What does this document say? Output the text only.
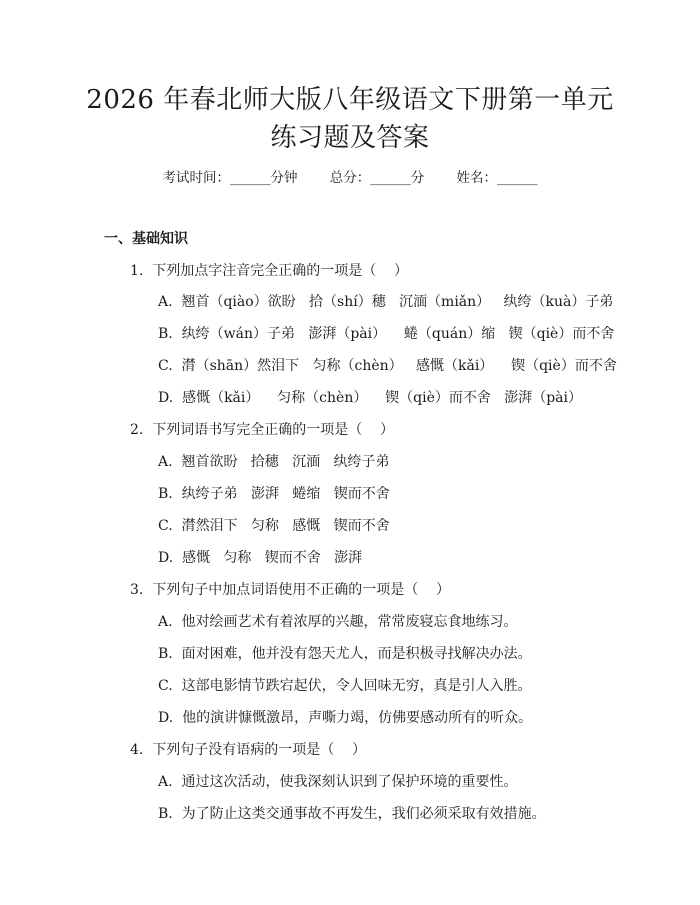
2026 年春北师大版八年级语文下册第一单元
练习题及答案
考试时间：______分钟 总分：______分 姓名：______
一、基础知识
1.  下列加点字注音完全正确的一项是（    ）
A.  翘首（qiào）欲盼   拾（shí）穗   沉湎（miǎn）   纨绔（kuà）子弟
B.  纨绔（wán）子弟   澎湃（pài）    蜷（quán）缩   锲（qiè）而不舍
C.  潸（shān）然泪下   匀称（chèn）   感慨（kǎi）    锲（qiè）而不舍
D.  感慨（kǎi）    匀称（chèn）    锲（qiè）而不舍   澎湃（pài）
2.  下列词语书写完全正确的一项是（    ）
A.  翘首欲盼   拾穗   沉湎   纨绔子弟
B.  纨绔子弟   澎湃   蜷缩   锲而不舍
C.  潸然泪下   匀称   感慨   锲而不舍
D.  感慨   匀称   锲而不舍   澎湃
3.  下列句子中加点词语使用不正确的一项是（    ）
A.  他对绘画艺术有着浓厚的兴趣，常常废寝忘食地练习。
B.  面对困难，他并没有怨天尤人，而是积极寻找解决办法。
C.  这部电影情节跌宕起伏，令人回味无穷，真是引人入胜。
D.  他的演讲慷慨激昂，声嘶力竭，仿佛要感动所有的听众。
4.  下列句子没有语病的一项是（    ）
A.  通过这次活动，使我深刻认识到了保护环境的重要性。
B.  为了防止这类交通事故不再发生，我们必须采取有效措施。
